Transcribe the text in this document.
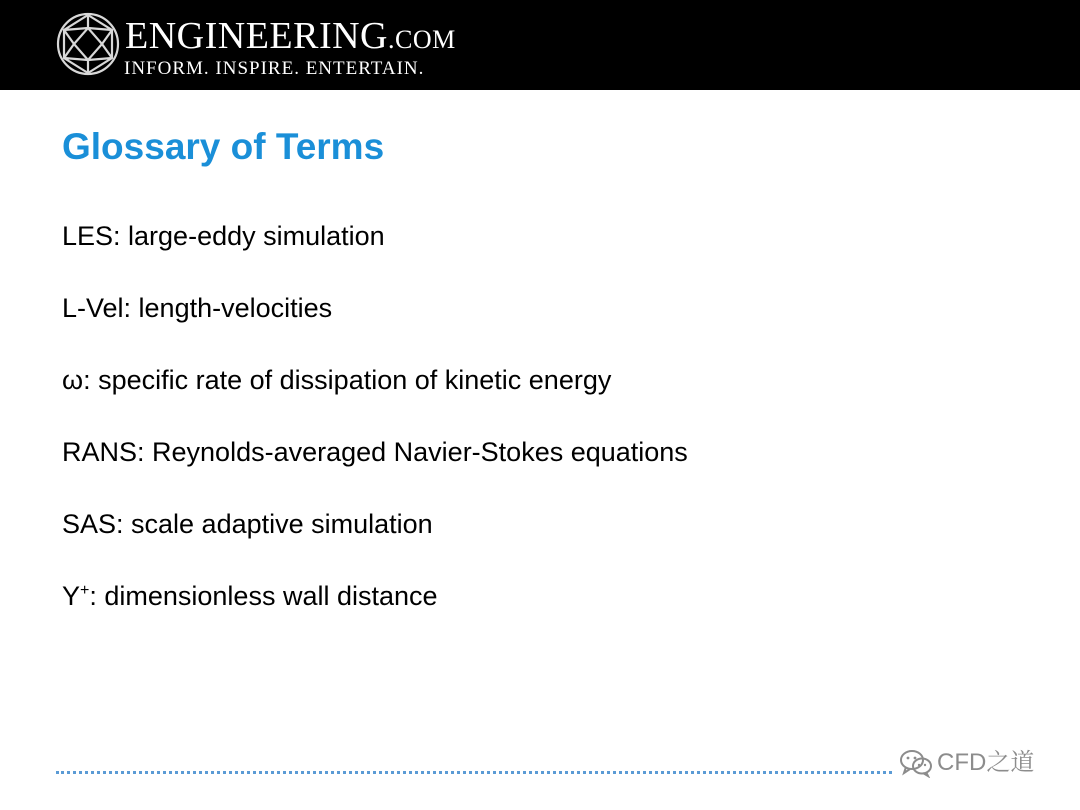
ENGINEERING.COM
INFORM. INSPIRE. ENTERTAIN.
Glossary of Terms
LES: large-eddy simulation
L-Vel: length-velocities
ω: specific rate of dissipation of kinetic energy
RANS: Reynolds-averaged Navier-Stokes equations
SAS: scale adaptive simulation
Y+: dimensionless wall distance
CFD之道
